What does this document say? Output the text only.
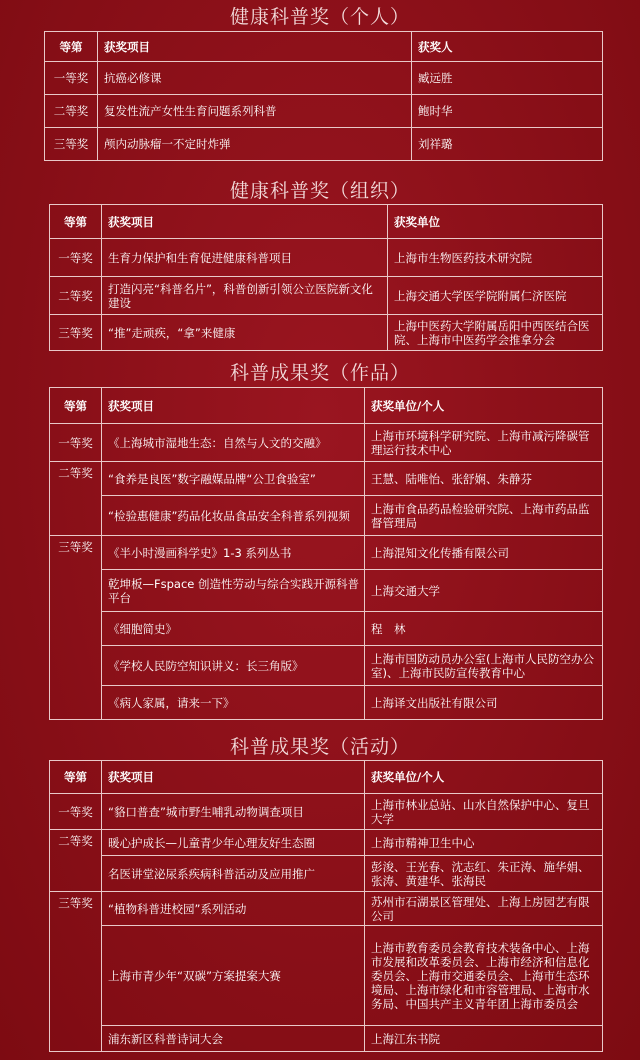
健康科普奖（个人）
等第	获奖项目	获奖人
一等奖	抗癌必修课	臧远胜
二等奖	复发性流产女性生育问题系列科普	鲍时华
三等奖	颅内动脉瘤一不定时炸弹	刘祥璐
健康科普奖（组织）
等第	获奖项目	获奖单位
一等奖	生育力保护和生育促进健康科普项目	上海市生物医药技术研究院
二等奖	打造闪亮“科普名片”，科普创新引领公立医院新文化建设	上海交通大学医学院附属仁济医院
三等奖	“推”走顽疾，“拿”来健康	上海中医药大学附属岳阳中西医结合医院、上海市中医药学会推拿分会
科普成果奖（作品）
等第	获奖项目	获奖单位/个人
一等奖	《上海城市湿地生态：自然与人文的交融》	上海市环境科学研究院、上海市减污降碳管理运行技术中心
二等奖	“食养是良医”数字融媒品牌“公卫食验室”	王慧、陆唯怡、张舒娴、朱静芬
	“检验惠健康”药品化妆品食品安全科普系列视频	上海市食品药品检验研究院、上海市药品监督管理局
三等奖	《半小时漫画科学史》1-3 系列丛书	上海混知文化传播有限公司
	乾坤板—Fspace 创造性劳动与综合实践开源科普平台	上海交通大学
	《细胞简史》	程　林
	《学校人民防空知识讲义：长三角版》	上海市国防动员办公室(上海市人民防空办公室)、上海市民防宣传教育中心
	《病人家属，请来一下》	上海译文出版社有限公司
科普成果奖（活动）
等第	获奖项目	获奖单位/个人
一等奖	“貉口普查”城市野生哺乳动物调查项目	上海市林业总站、山水自然保护中心、复旦大学
二等奖	暖心护成长—儿童青少年心理友好生态圈	上海市精神卫生中心
	名医讲堂泌尿系疾病科普活动及应用推广	彭浚、王光春、沈志红、朱正涛、施华娟、张涛、黄建华、张海民
三等奖	“植物科普进校园”系列活动	苏州市石湖景区管理处、上海上房园艺有限公司
	上海市青少年“双碳”方案提案大赛	上海市教育委员会教育技术装备中心、上海市发展和改革委员会、上海市经济和信息化委员会、上海市交通委员会、上海市生态环境局、上海市绿化和市容管理局、上海市水务局、中国共产主义青年团上海市委员会
	浦东新区科普诗词大会	上海江东书院
